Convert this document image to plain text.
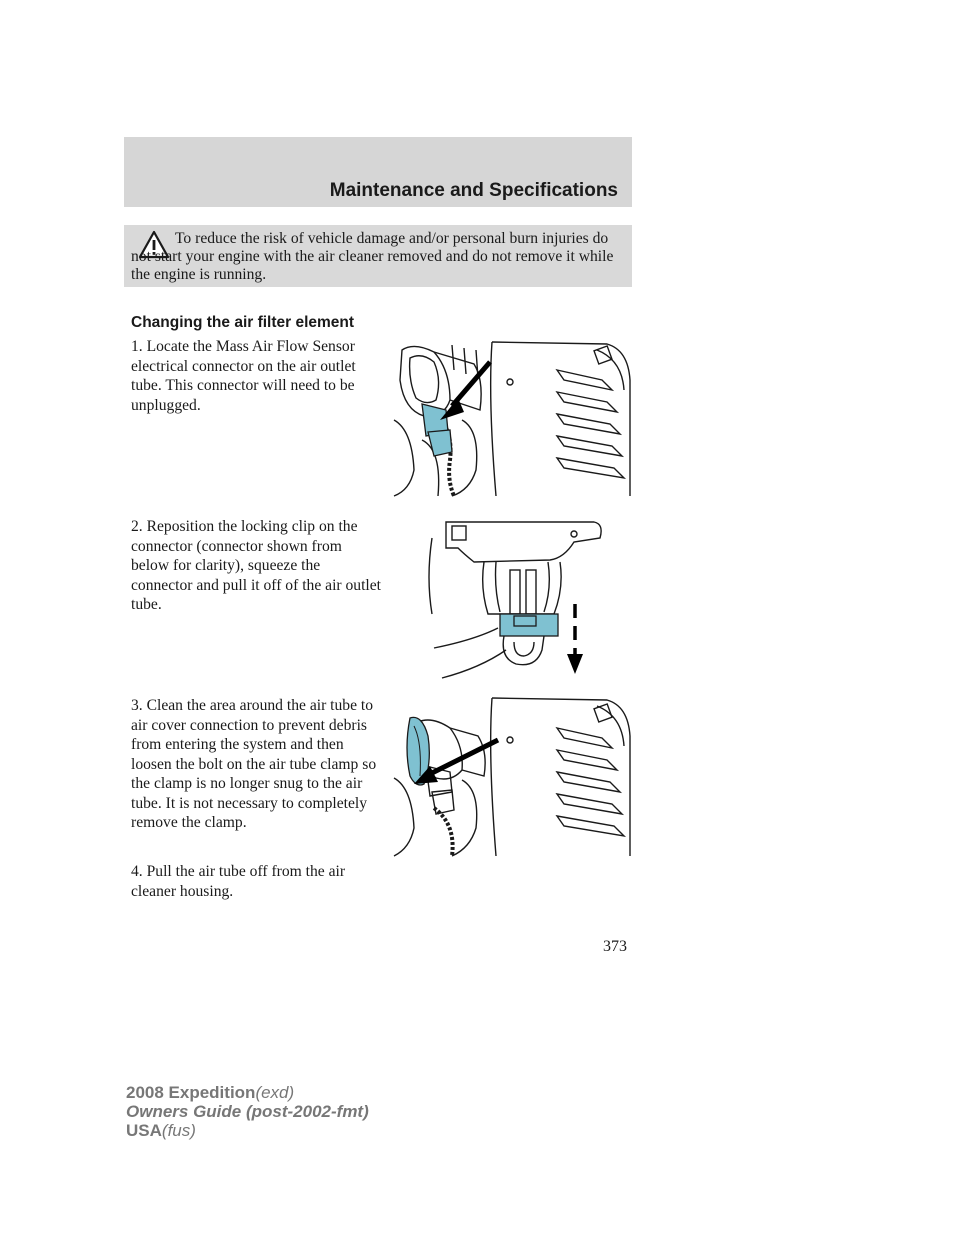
Maintenance and Specifications

To reduce the risk of vehicle damage and/or personal burn injuries do not start your engine with the air cleaner removed and do not remove it while the engine is running.

Changing the air filter element

1. Locate the Mass Air Flow Sensor electrical connector on the air outlet tube. This connector will need to be unplugged.

2. Reposition the locking clip on the connector (connector shown from below for clarity), squeeze the connector and pull it off of the air outlet tube.

3. Clean the area around the air tube to air cover connection to prevent debris from entering the system and then loosen the bolt on the air tube clamp so the clamp is no longer snug to the air tube. It is not necessary to completely remove the clamp.

4. Pull the air tube off from the air cleaner housing.

373
2008 Expedition(exd)
Owners Guide (post-2002-fmt)
USA(fus)
